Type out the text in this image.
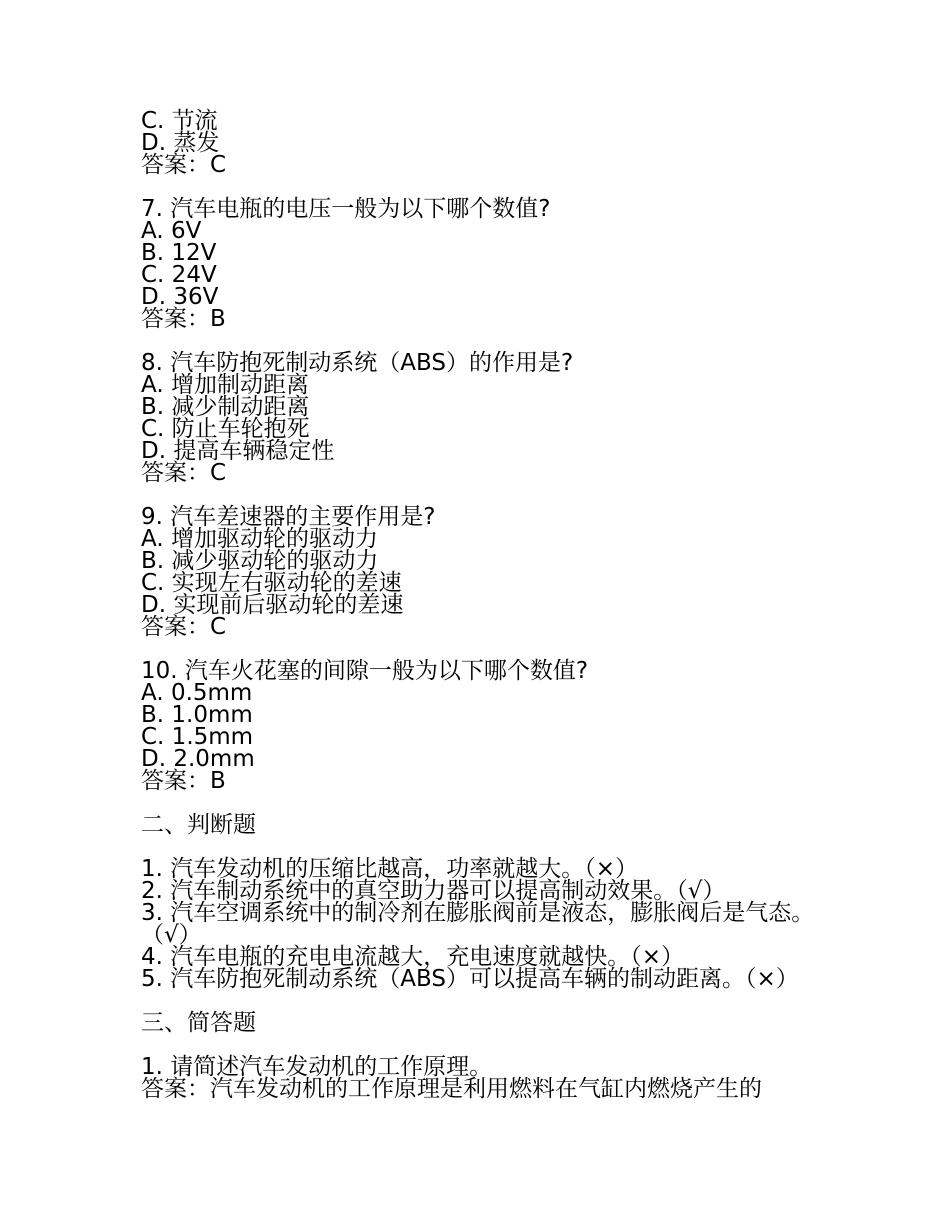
C. 节流
D. 蒸发
答案：C
7. 汽车电瓶的电压一般为以下哪个数值?
A. 6V
B. 12V
C. 24V
D. 36V
答案：B
8. 汽车防抱死制动系统（ABS）的作用是?
A. 增加制动距离
B. 减少制动距离
C. 防止车轮抱死
D. 提高车辆稳定性
答案：C
9. 汽车差速器的主要作用是?
A. 增加驱动轮的驱动力
B. 减少驱动轮的驱动力
C. 实现左右驱动轮的差速
D. 实现前后驱动轮的差速
答案：C
10. 汽车火花塞的间隙一般为以下哪个数值?
A. 0.5mm
B. 1.0mm
C. 1.5mm
D. 2.0mm
答案：B
二、判断题
1. 汽车发动机的压缩比越高，功率就越大。（×）
2. 汽车制动系统中的真空助力器可以提高制动效果。（√）
3. 汽车空调系统中的制冷剂在膨胀阀前是液态，膨胀阀后是气态。（√）
4. 汽车电瓶的充电电流越大，充电速度就越快。（×）
5. 汽车防抱死制动系统（ABS）可以提高车辆的制动距离。（×）
三、简答题
1. 请简述汽车发动机的工作原理。
答案：汽车发动机的工作原理是利用燃料在气缸内燃烧产生的
